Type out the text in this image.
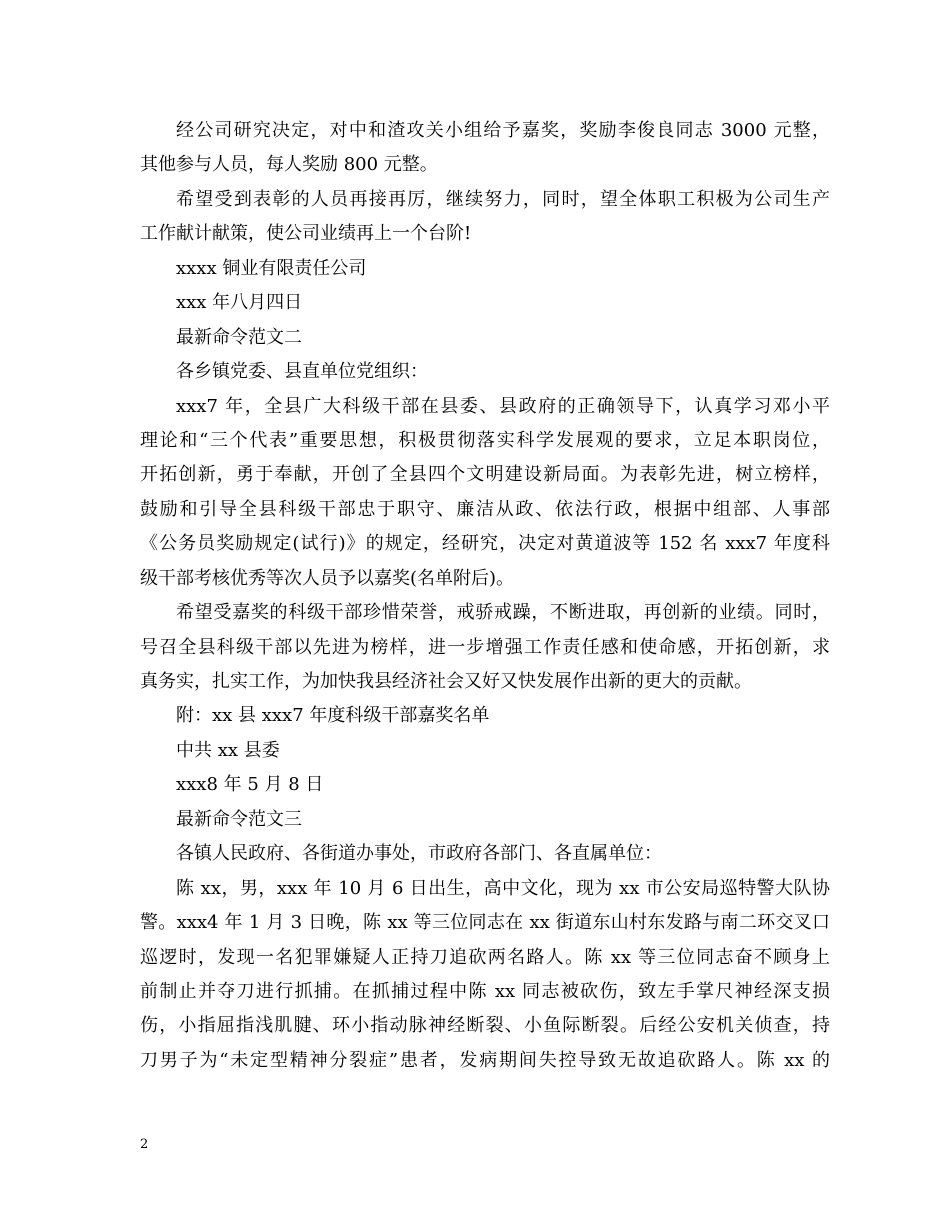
经公司研究决定，对中和渣攻关小组给予嘉奖，奖励李俊良同志 3000 元整，
其他参与人员，每人奖励 800 元整。
希望受到表彰的人员再接再厉，继续努力，同时，望全体职工积极为公司生产
工作献计献策，使公司业绩再上一个台阶!
xxxx 铜业有限责任公司
xxx 年八月四日
最新命令范文二
各乡镇党委、县直单位党组织：
xxx7 年，全县广大科级干部在县委、县政府的正确领导下，认真学习邓小平
理论和“三个代表”重要思想，积极贯彻落实科学发展观的要求，立足本职岗位，
开拓创新，勇于奉献，开创了全县四个文明建设新局面。为表彰先进，树立榜样，
鼓励和引导全县科级干部忠于职守、廉洁从政、依法行政，根据中组部、人事部
《公务员奖励规定(试行)》的规定，经研究，决定对黄道波等 152 名 xxx7 年度科
级干部考核优秀等次人员予以嘉奖(名单附后)。
希望受嘉奖的科级干部珍惜荣誉，戒骄戒躁，不断进取，再创新的业绩。同时，
号召全县科级干部以先进为榜样，进一步增强工作责任感和使命感，开拓创新，求
真务实，扎实工作，为加快我县经济社会又好又快发展作出新的更大的贡献。
附：xx 县 xxx7 年度科级干部嘉奖名单
中共 xx 县委
xxx8 年 5 月 8 日
最新命令范文三
各镇人民政府、各街道办事处，市政府各部门、各直属单位：
陈 xx，男，xxx 年 10 月 6 日出生，高中文化，现为 xx 市公安局巡特警大队协
警。xxx4 年 1 月 3 日晚，陈 xx 等三位同志在 xx 街道东山村东发路与南二环交叉口
巡逻时，发现一名犯罪嫌疑人正持刀追砍两名路人。陈 xx 等三位同志奋不顾身上
前制止并夺刀进行抓捕。在抓捕过程中陈 xx 同志被砍伤，致左手掌尺神经深支损
伤，小指屈指浅肌腱、环小指动脉神经断裂、小鱼际断裂。后经公安机关侦查，持
刀男子为“未定型精神分裂症”患者，发病期间失控导致无故追砍路人。陈 xx 的
2
